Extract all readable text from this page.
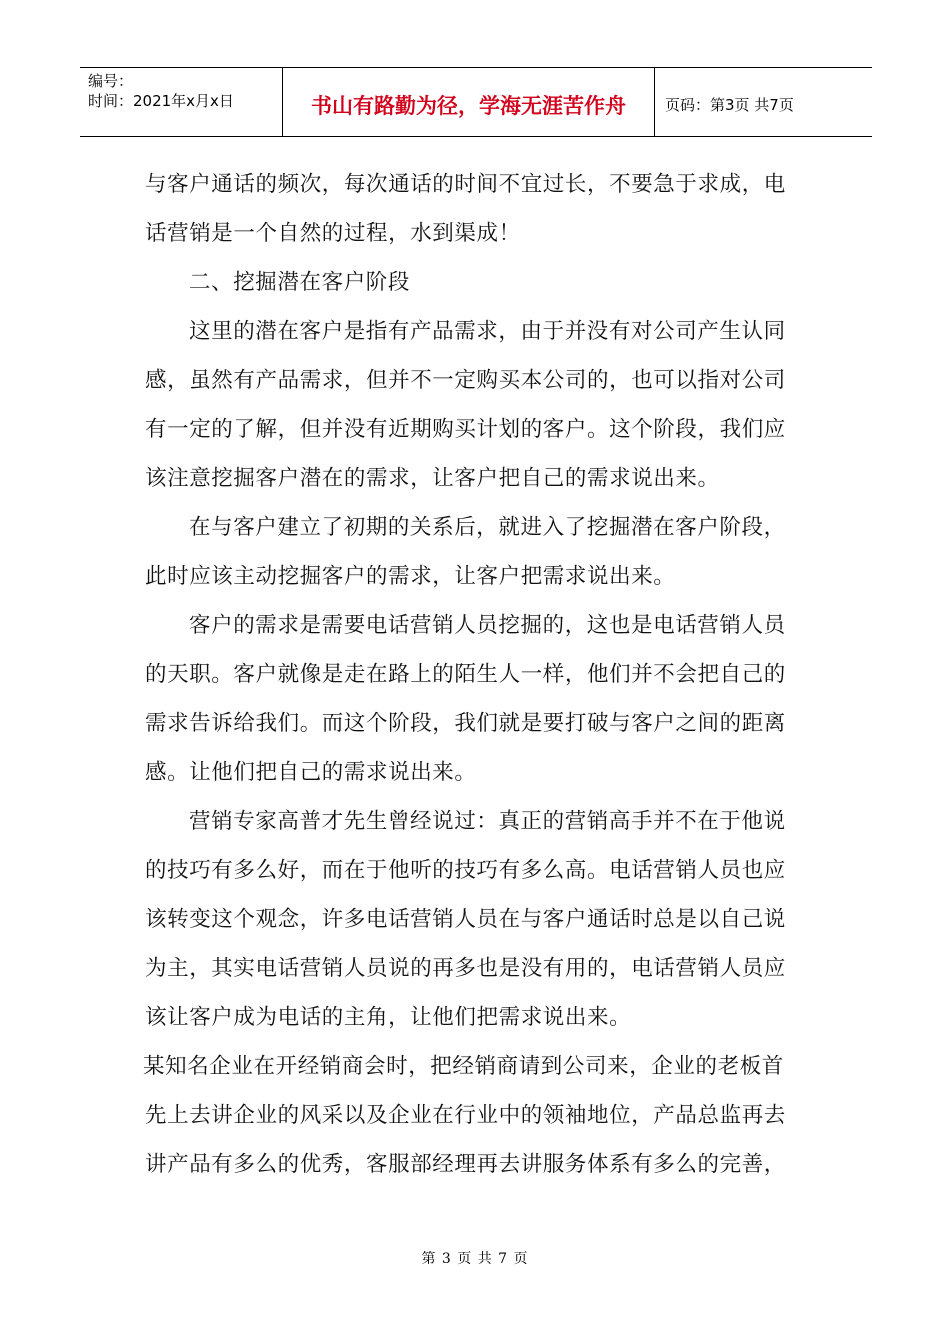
编号：
时间：2021年x月x日	书山有路勤为径，学海无涯苦作舟	页码：第3页 共7页

与客户通话的频次，每次通话的时间不宜过长，不要急于求成，电

话营销是一个自然的过程，水到渠成！

二、挖掘潜在客户阶段

这里的潜在客户是指有产品需求，由于并没有对公司产生认同

感，虽然有产品需求，但并不一定购买本公司的，也可以指对公司

有一定的了解，但并没有近期购买计划的客户。这个阶段，我们应

该注意挖掘客户潜在的需求，让客户把自己的需求说出来。

在与客户建立了初期的关系后，就进入了挖掘潜在客户阶段，

此时应该主动挖掘客户的需求，让客户把需求说出来。

客户的需求是需要电话营销人员挖掘的，这也是电话营销人员

的天职。客户就像是走在路上的陌生人一样，他们并不会把自己的

需求告诉给我们。而这个阶段，我们就是要打破与客户之间的距离

感。让他们把自己的需求说出来。

营销专家高普才先生曾经说过：真正的营销高手并不在于他说

的技巧有多么好，而在于他听的技巧有多么高。电话营销人员也应

该转变这个观念，许多电话营销人员在与客户通话时总是以自己说

为主，其实电话营销人员说的再多也是没有用的，电话营销人员应

该让客户成为电话的主角，让他们把需求说出来。

某知名企业在开经销商会时，把经销商请到公司来，企业的老板首

先上去讲企业的风采以及企业在行业中的领袖地位，产品总监再去

讲产品有多么的优秀，客服部经理再去讲服务体系有多么的完善，

第 3 页 共 7 页
